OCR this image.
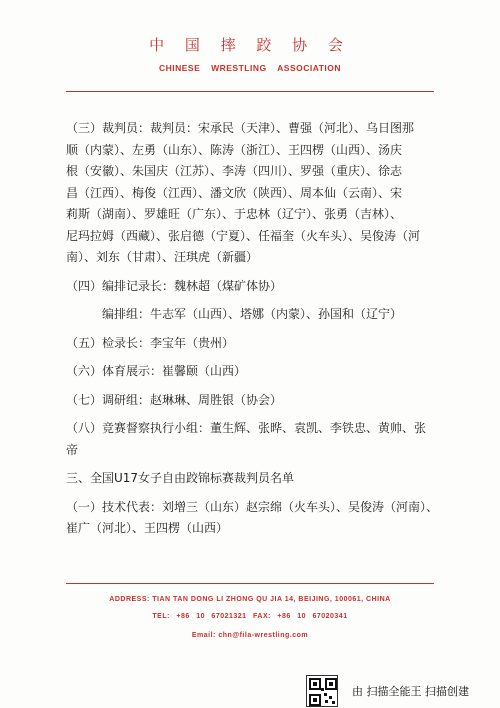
中 国 摔 跤 协 会
CHINESE WRESTLING ASSOCIATION
（三）裁判员：裁判员：宋承民（天津）、曹强（河北）、乌日图那
顺（内蒙）、左勇（山东）、陈涛（浙江）、王四楞（山西）、汤庆
根（安徽）、朱国庆（江苏）、李涛（四川）、罗强（重庆）、徐志
昌（江西）、梅俊（江西）、潘文欣（陕西）、周本仙（云南）、宋
莉斯（湖南）、罗雄旺（广东）、于忠林（辽宁）、张勇（吉林）、
尼玛拉姆（西藏）、张启德（宁夏）、任福奎（火车头）、吴俊涛（河
南）、刘东（甘肃）、汪琪虎（新疆）
（四）编排记录长：魏林超（煤矿体协）
编排组：牛志军（山西）、塔娜（内蒙）、孙国和（辽宁）
（五）检录长：李宝年（贵州）
（六）体育展示：崔馨颐（山西）
（七）调研组：赵琳琳、周胜银（协会）
（八）竞赛督察执行小组：董生辉、张晔、袁凯、李铁忠、黄帅、张
帝
三、全国U17女子自由跤锦标赛裁判员名单
（一）技术代表：刘增三（山东）赵宗绵（火车头）、吴俊涛（河南）、
崔广（河北）、王四楞（山西）
ADDRESS: TIAN TAN DONG LI ZHONG QU JIA 14, BEIJING, 100061, CHINA
TEL: +86 10 67021321 FAX: +86 10 67020341
Email: chn@fila-wrestling.com
由 扫描全能王 扫描创建
